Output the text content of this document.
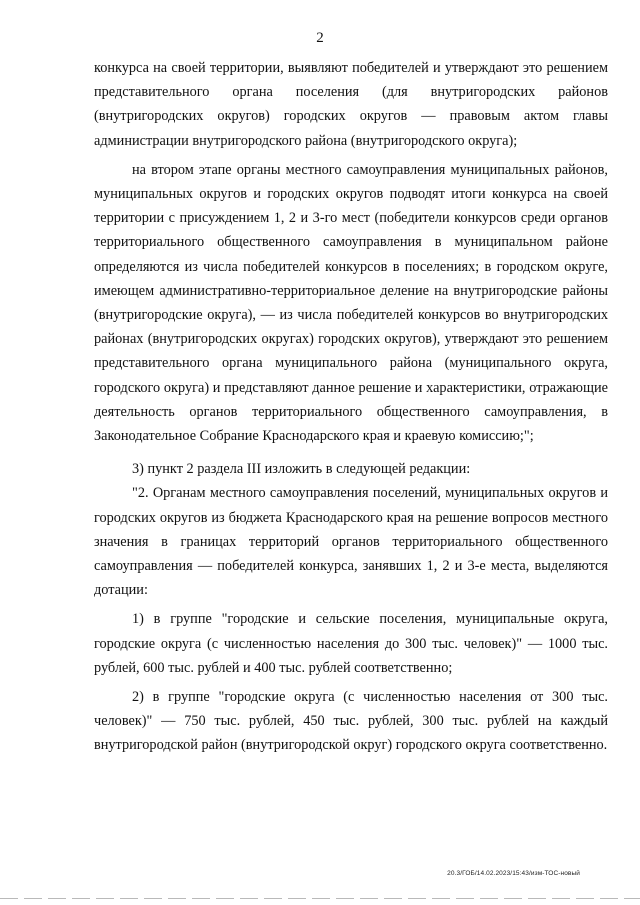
2

конкурса на своей территории, выявляют победителей и утверждают это решением представительного органа поселения (для внутригородских районов (внутригородских округов) городских округов — правовым актом главы администрации внутригородского района (внутригородского округа);

на втором этапе органы местного самоуправления муниципальных районов, муниципальных округов и городских округов подводят итоги конкурса на своей территории с присуждением 1, 2 и 3-го мест (победители конкурсов среди органов территориального общественного самоуправления в муниципальном районе определяются из числа победителей конкурсов в поселениях; в городском округе, имеющем административно-территориальное деление на внутригородские районы (внутригородские округа), — из числа победителей конкурсов во внутригородских районах (внутригородских округах) городских округов), утверждают это решением представительного органа муниципального района (муниципального округа, городского округа) и представляют данное решение и характеристики, отражающие деятельность органов территориального общественного самоуправления, в Законодательное Собрание Краснодарского края и краевую комиссию;";

3) пункт 2 раздела III изложить в следующей редакции:

"2. Органам местного самоуправления поселений, муниципальных округов и городских округов из бюджета Краснодарского края на решение вопросов местного значения в границах территорий органов территориального общественного самоуправления — победителей конкурса, занявших 1, 2 и 3-е места, выделяются дотации:

1) в группе "городские и сельские поселения, муниципальные округа, городские округа (с численностью населения до 300 тыс. человек)" — 1000 тыс. рублей, 600 тыс. рублей и 400 тыс. рублей соответственно;

2) в группе "городские округа (с численностью населения от 300 тыс. человек)" — 750 тыс. рублей, 450 тыс. рублей, 300 тыс. рублей на каждый внутригородской район (внутригородской округ) городского округа соответственно.

20.3/ГОБ/14.02.2023/15:43/изм-ТОС-новый
